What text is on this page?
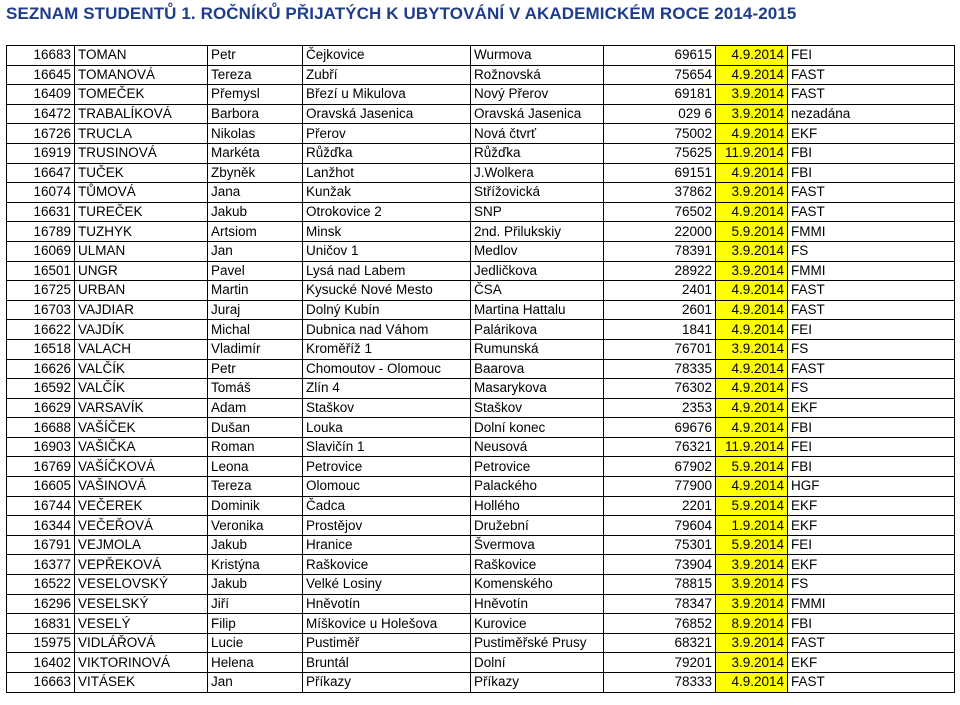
SEZNAM STUDENTŮ 1. ROČNÍKŮ PŘIJATÝCH K UBYTOVÁNÍ V AKADEMICKÉM ROCE 2014-2015
16683	TOMAN	Petr	Čejkovice	Wurmova	69615	4.9.2014	FEI
16645	TOMANOVÁ	Tereza	Zubří	Rožnovská	75654	4.9.2014	FAST
16409	TOMEČEK	Přemysl	Březí u Mikulova	Nový Přerov	69181	3.9.2014	FAST
16472	TRABALÍKOVÁ	Barbora	Oravská Jasenica	Oravská Jasenica	029 6	3.9.2014	nezadána
16726	TRUCLA	Nikolas	Přerov	Nová čtvrť	75002	4.9.2014	EKF
16919	TRUSINOVÁ	Markéta	Růžďka	Růžďka	75625	11.9.2014	FBI
16647	TUČEK	Zbyněk	Lanžhot	J.Wolkera	69151	4.9.2014	FBI
16074	TŮMOVÁ	Jana	Kunžak	Střížovická	37862	3.9.2014	FAST
16631	TUREČEK	Jakub	Otrokovice 2	SNP	76502	4.9.2014	FAST
16789	TUZHYK	Artsiom	Minsk	2nd. Přilukskiy	22000	5.9.2014	FMMI
16069	ULMAN	Jan	Uničov 1	Medlov	78391	3.9.2014	FS
16501	UNGR	Pavel	Lysá nad Labem	Jedličkova	28922	3.9.2014	FMMI
16725	URBAN	Martin	Kysucké Nové Mesto	ČSA	2401	4.9.2014	FAST
16703	VAJDIAR	Juraj	Dolný Kubín	Martina Hattalu	2601	4.9.2014	FAST
16622	VAJDÍK	Michal	Dubnica nad Váhom	Palárikova	1841	4.9.2014	FEI
16518	VALACH	Vladimír	Kroměříž 1	Rumunská	76701	3.9.2014	FS
16626	VALČÍK	Petr	Chomoutov - Olomouc	Baarova	78335	4.9.2014	FAST
16592	VALČÍK	Tomáš	Zlín 4	Masarykova	76302	4.9.2014	FS
16629	VARSAVÍK	Adam	Staškov	Staškov	2353	4.9.2014	EKF
16688	VAŠÍČEK	Dušan	Louka	Dolní konec	69676	4.9.2014	FBI
16903	VAŠIČKA	Roman	Slavičín 1	Neusová	76321	11.9.2014	FEI
16769	VAŠÍČKOVÁ	Leona	Petrovice	Petrovice	67902	5.9.2014	FBI
16605	VAŠINOVÁ	Tereza	Olomouc	Palackého	77900	4.9.2014	HGF
16744	VEČEREK	Dominik	Čadca	Hollého	2201	5.9.2014	EKF
16344	VEČEŘOVÁ	Veronika	Prostějov	Družební	79604	1.9.2014	EKF
16791	VEJMOLA	Jakub	Hranice	Švermova	75301	5.9.2014	FEI
16377	VEPŘEKOVÁ	Kristýna	Raškovice	Raškovice	73904	3.9.2014	EKF
16522	VESELOVSKÝ	Jakub	Velké Losiny	Komenského	78815	3.9.2014	FS
16296	VESELSKÝ	Jiří	Hněvotín	Hněvotín	78347	3.9.2014	FMMI
16831	VESELÝ	Filip	Míškovice u Holešova	Kurovice	76852	8.9.2014	FBI
15975	VIDLÁŘOVÁ	Lucie	Pustiměř	Pustiměřské Prusy	68321	3.9.2014	FAST
16402	VIKTORINOVÁ	Helena	Bruntál	Dolní	79201	3.9.2014	EKF
16663	VITÁSEK	Jan	Příkazy	Příkazy	78333	4.9.2014	FAST
